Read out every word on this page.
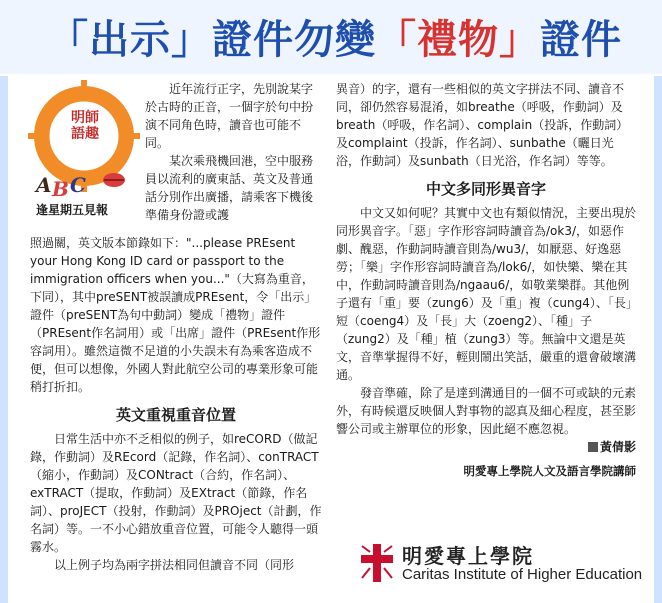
「出示」證件 勿 變 「禮物」 證件
A B C
明師
語趣
逢星期五見報

近年流行正字，先別說某字於古時的正音，一個字於句中扮演不同角色時，讀音也可能不同。

某次乘飛機回港，空中服務員以流利的廣東話、英文及普通話分別作出廣播，請乘客下機後準備身份證或護

照過關，英文版本節錄如下："...please PREsent your Hong Kong ID card or passport to the immigration officers when you..."（大寫為重音，下同），其中preSENT被誤讀成PREsent，令「出示」證件（preSENT為句中動詞）變成「禮物」證件（PREsent作名詞用）或「出席」證件（PREsent作形容詞用）。雖然這微不足道的小失誤未有為乘客造成不便，但可以想像，外國人對此航空公司的專業形象可能稍打折扣。

英文重視重音位置

日常生活中亦不乏相似的例子，如reCORD（做記錄，作動詞）及REcord（記錄，作名詞）、conTRACT（縮小，作動詞）及CONtract（合約，作名詞）、exTRACT（提取，作動詞）及EXtract（節錄，作名詞）、proJECT（投射，作動詞）及PROject（計劃，作名詞）等。一不小心錯放重音位置，可能令人聽得一頭霧水。

以上例子均為兩字拼法相同但讀音不同（同形

異音）的字，還有一些相似的英文字拼法不同、讀音不同，卻仍然容易混淆，如breathe（呼吸，作動詞）及breath（呼吸，作名詞）、complain（投訴，作動詞）及complaint（投訴，作名詞）、sunbathe（曬日光浴，作動詞）及sunbath（日光浴，作名詞）等等。

中文多同形異音字

中文又如何呢？其實中文也有類似情況，主要出現於同形異音字。「惡」字作形容詞時讀音為/ok3/，如惡作劇、醜惡，作動詞時讀音則為/wu3/，如厭惡、好逸惡勞；「樂」字作形容詞時讀音為/lok6/，如快樂、樂在其中，作動詞時讀音則為/ngaau6/，如敬業樂群。其他例子還有「重」要（zung6）及「重」複（cung4）、「長」短（coeng4）及「長」大（zoeng2）、「種」子（zung2）及「種」植（zung3）等。無論中文還是英文，音準掌握得不好，輕則鬧出笑話，嚴重的還會破壞溝通。

發音準確，除了是達到溝通目的一個不可或缺的元素外，有時候還反映個人對事物的認真及細心程度，甚至影響公司或主辦單位的形象，因此絕不應忽視。

黃倩影
明愛專上學院人文及語言學院講師
明愛專上學院
Caritas Institute of Higher Education
